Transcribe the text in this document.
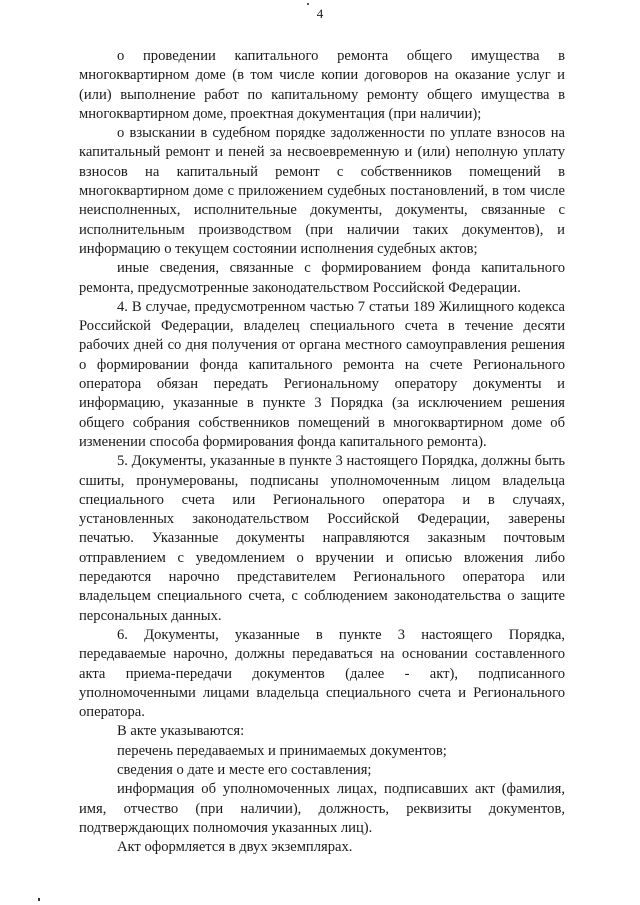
4

о проведении капитального ремонта общего имущества в многоквартирном доме (в том числе копии договоров на оказание услуг и (или) выполнение работ по капитальному ремонту общего имущества в многоквартирном доме, проектная документация (при наличии);

о взыскании в судебном порядке задолженности по уплате взносов на капитальный ремонт и пеней за несвоевременную и (или) неполную уплату взносов на капитальный ремонт с собственников помещений в многоквартирном доме с приложением судебных постановлений, в том числе неисполненных, исполнительные документы, документы, связанные с исполнительным производством (при наличии таких документов), и информацию о текущем состоянии исполнения судебных актов;

иные сведения, связанные с формированием фонда капитального ремонта, предусмотренные законодательством Российской Федерации.

4. В случае, предусмотренном частью 7 статьи 189 Жилищного кодекса Российской Федерации, владелец специального счета в течение десяти рабочих дней со дня получения от органа местного самоуправления решения о формировании фонда капитального ремонта на счете Регионального оператора обязан передать Региональному оператору документы и информацию, указанные в пункте 3 Порядка (за исключением решения общего собрания собственников помещений в многоквартирном доме об изменении способа формирования фонда капитального ремонта).

5. Документы, указанные в пункте 3 настоящего Порядка, должны быть сшиты, пронумерованы, подписаны уполномоченным лицом владельца специального счета или Регионального оператора и в случаях, установленных законодательством Российской Федерации, заверены печатью. Указанные документы направляются заказным почтовым отправлением с уведомлением о вручении и описью вложения либо передаются нарочно представителем Регионального оператора или владельцем специального счета, с соблюдением законодательства о защите персональных данных.

6. Документы, указанные в пункте 3 настоящего Порядка, передаваемые нарочно, должны передаваться на основании составленного акта приема-передачи документов (далее - акт), подписанного уполномоченными лицами владельца специального счета и Регионального оператора.

В акте указываются:

перечень передаваемых и принимаемых документов;

сведения о дате и месте его составления;

информация об уполномоченных лицах, подписавших акт (фамилия, имя, отчество (при наличии), должность, реквизиты документов, подтверждающих полномочия указанных лиц).

Акт оформляется в двух экземплярах.
